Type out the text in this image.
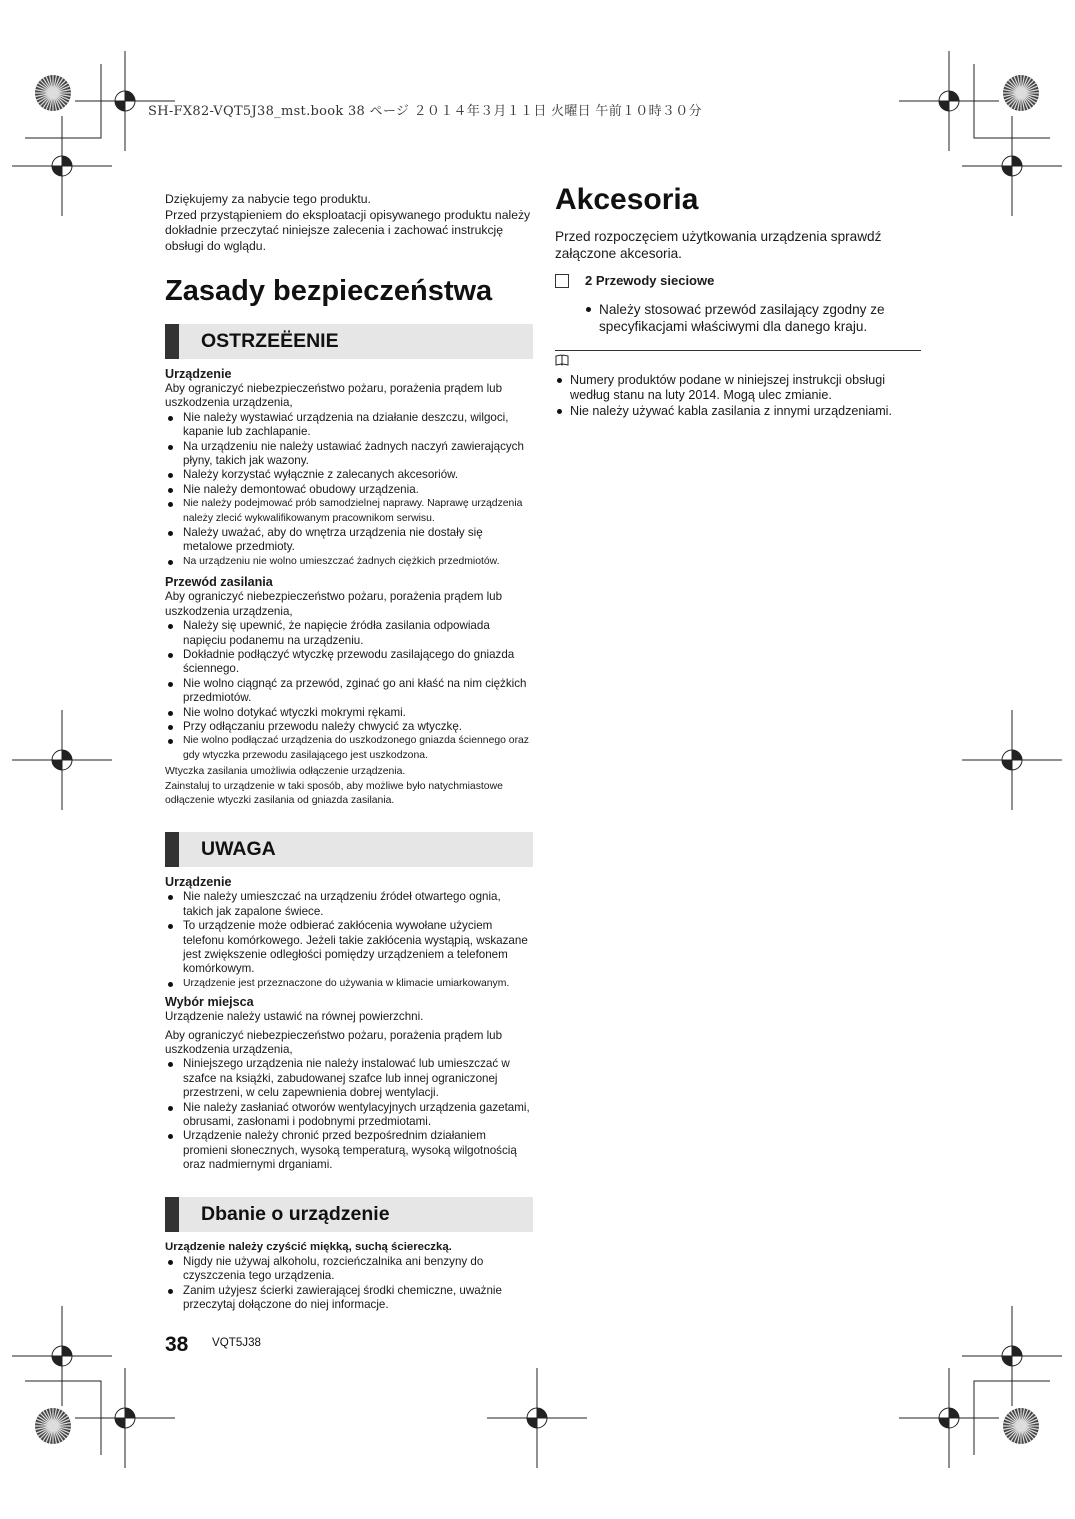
SH-FX82-VQT5J38_mst.book 38 ページ ２０１４年３月１１日 火曜日 午前１０時３０分

Dziękujemy za nabycie tego produktu.

Przed przystąpieniem do eksploatacji opisywanego produktu należy dokładnie przeczytać niniejsze zalecenia i zachować instrukcję obsługi do wglądu.

Zasady bezpieczeństwa
OSTRZEËENIE

Urządzenie

Aby ograniczyć niebezpieczeństwo pożaru, porażenia prądem lub uszkodzenia urządzenia,

Nie należy wystawiać urządzenia na działanie deszczu, wilgoci, kapanie lub zachlapanie.
Na urządzeniu nie należy ustawiać żadnych naczyń zawierających płyny, takich jak wazony.
Należy korzystać wyłącznie z zalecanych akcesoriów.
Nie należy demontować obudowy urządzenia.
Nie należy podejmować prób samodzielnej naprawy. Naprawę urządzenia należy zlecić wykwalifikowanym pracownikom serwisu.
Należy uważać, aby do wnętrza urządzenia nie dostały się metalowe przedmioty.
Na urządzeniu nie wolno umieszczać żadnych ciężkich przedmiotów.

Przewód zasilania

Aby ograniczyć niebezpieczeństwo pożaru, porażenia prądem lub uszkodzenia urządzenia,

Należy się upewnić, że napięcie źródła zasilania odpowiada napięciu podanemu na urządzeniu.
Dokładnie podłączyć wtyczkę przewodu zasilającego do gniazda ściennego.
Nie wolno ciągnąć za przewód, zginać go ani kłaść na nim ciężkich przedmiotów.
Nie wolno dotykać wtyczki mokrymi rękami.
Przy odłączaniu przewodu należy chwycić za wtyczkę.
Nie wolno podłączać urządzenia do uszkodzonego gniazda ściennego oraz gdy wtyczka przewodu zasilającego jest uszkodzona.

Wtyczka zasilania umożliwia odłączenie urządzenia.

Zainstaluj to urządzenie w taki sposób, aby możliwe było natychmiastowe odłączenie wtyczki zasilania od gniazda zasilania.

UWAGA

Urządzenie

Nie należy umieszczać na urządzeniu źródeł otwartego ognia, takich jak zapalone świece.
To urządzenie może odbierać zakłócenia wywołane użyciem telefonu komórkowego. Jeżeli takie zakłócenia wystąpią, wskazane jest zwiększenie odległości pomiędzy urządzeniem a telefonem komórkowym.
Urządzenie jest przeznaczone do używania w klimacie umiarkowanym.

Wybór miejsca

Urządzenie należy ustawić na równej powierzchni.

Aby ograniczyć niebezpieczeństwo pożaru, porażenia prądem lub uszkodzenia urządzenia,

Niniejszego urządzenia nie należy instalować lub umieszczać w szafce na książki, zabudowanej szafce lub innej ograniczonej przestrzeni, w celu zapewnienia dobrej wentylacji.
Nie należy zasłaniać otworów wentylacyjnych urządzenia gazetami, obrusami, zasłonami i podobnymi przedmiotami.
Urządzenie należy chronić przed bezpośrednim działaniem promieni słonecznych, wysoką temperaturą, wysoką wilgotnością oraz nadmiernymi drganiami.
Dbanie o urządzenie

Urządzenie należy czyścić miękką, suchą ściereczką.

Nigdy nie używaj alkoholu, rozcieńczalnika ani benzyny do czyszczenia tego urządzenia.
Zanim użyjesz ścierki zawierającej środki chemiczne, uważnie przeczytaj dołączone do niej informacje.
Akcesoria

Przed rozpoczęciem użytkowania urządzenia sprawdź załączone akcesoria.

2 Przewody sieciowe
Należy stosować przewód zasilający zgodny ze specyfikacjami właściwymi dla danego kraju.
Numery produktów podane w niniejszej instrukcji obsługi według stanu na luty 2014. Mogą ulec zmianie.
Nie należy używać kabla zasilania z innymi urządzeniami.
38 VQT5J38
